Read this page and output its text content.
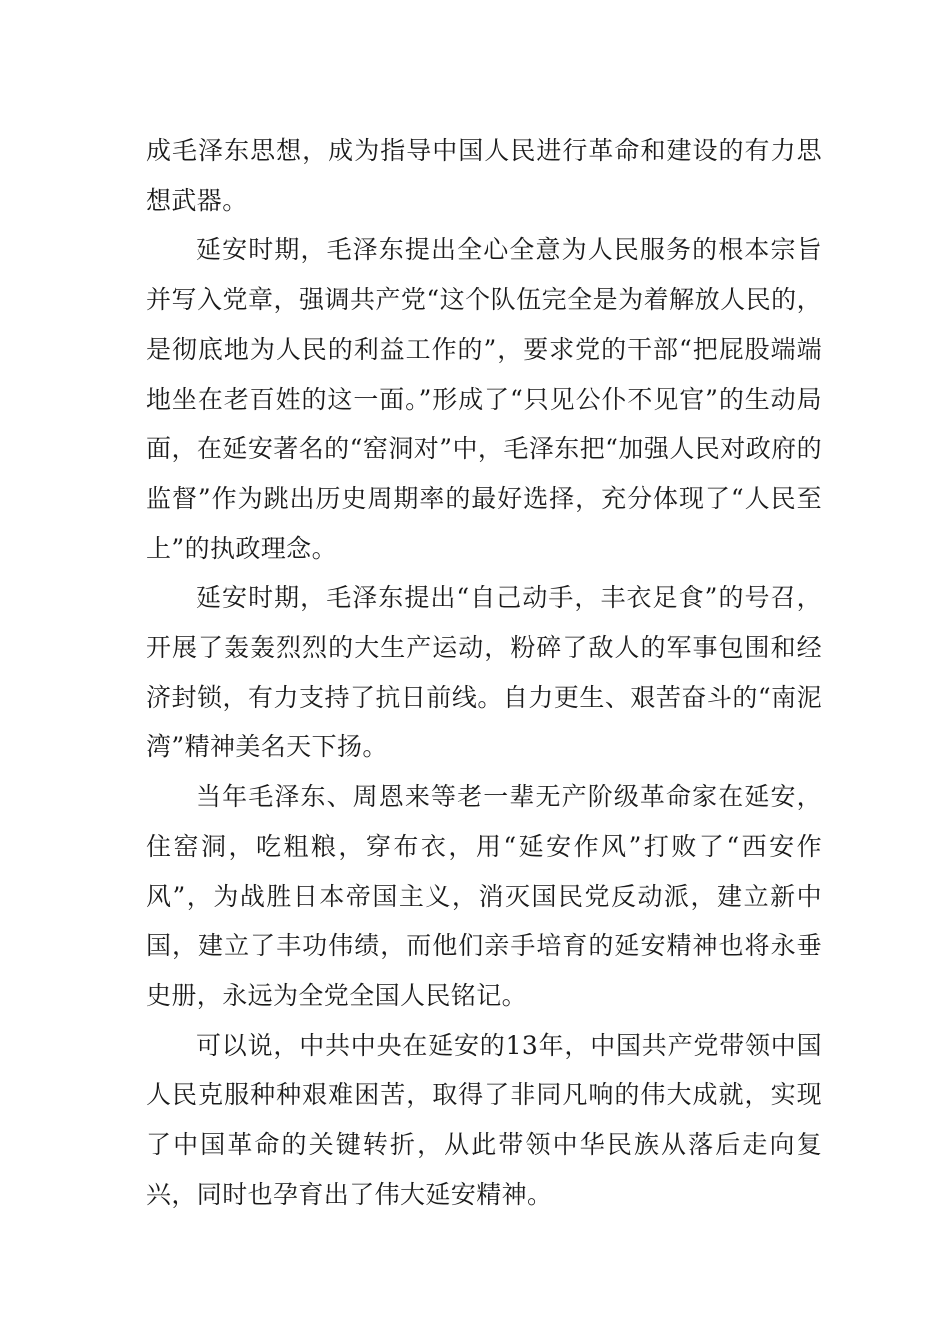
成毛泽东思想，成为指导中国人民进行革命和建设的有力思想武器。

延安时期，毛泽东提出全心全意为人民服务的根本宗旨并写入党章，强调共产党“这个队伍完全是为着解放人民的，是彻底地为人民的利益工作的”，要求党的干部“把屁股端端地坐在老百姓的这一面。”形成了“只见公仆不见官”的生动局面，在延安著名的“窑洞对”中，毛泽东把“加强人民对政府的监督”作为跳出历史周期率的最好选择，充分体现了“人民至上”的执政理念。

延安时期，毛泽东提出“自己动手，丰衣足食”的号召，开展了轰轰烈烈的大生产运动，粉碎了敌人的军事包围和经济封锁，有力支持了抗日前线。自力更生、艰苦奋斗的“南泥湾”精神美名天下扬。

当年毛泽东、周恩来等老一辈无产阶级革命家在延安，住窑洞，吃粗粮，穿布衣，用“延安作风”打败了“西安作风”，为战胜日本帝国主义，消灭国民党反动派，建立新中国，建立了丰功伟绩，而他们亲手培育的延安精神也将永垂史册，永远为全党全国人民铭记。

可以说，中共中央在延安的13年，中国共产党带领中国人民克服种种艰难困苦，取得了非同凡响的伟大成就，实现了中国革命的关键转折，从此带领中华民族从落后走向复兴，同时也孕育出了伟大延安精神。
